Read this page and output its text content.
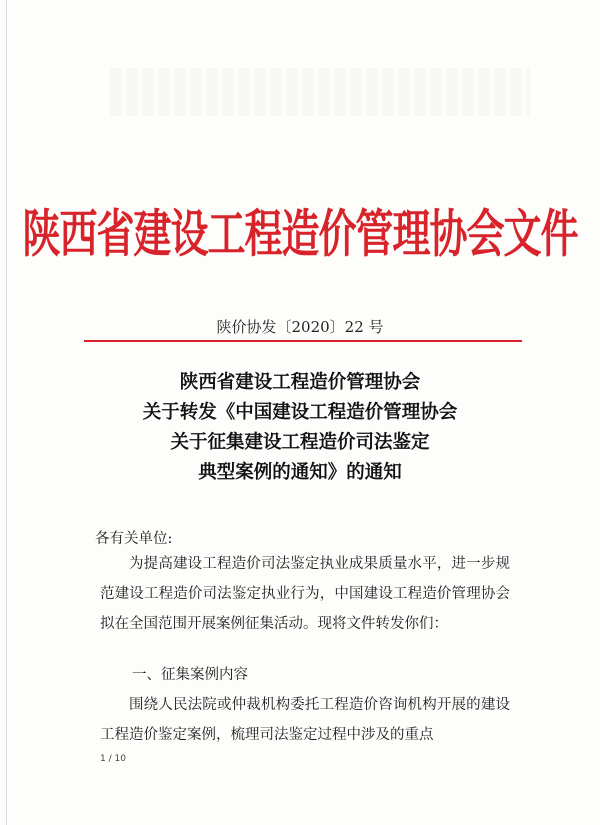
陕西省建设工程造价管理协会文件
陕价协发〔2020〕22 号
陕西省建设工程造价管理协会
关于转发《中国建设工程造价管理协会
关于征集建设工程造价司法鉴定
典型案例的通知》的通知
各有关单位:
为提高建设工程造价司法鉴定执业成果质量水平，进一步规范建设工程造价司法鉴定执业行为，中国建设工程造价管理协会拟在全国范围开展案例征集活动。现将文件转发你们：
一、征集案例内容
围绕人民法院或仲裁机构委托工程造价咨询机构开展的建设工程造价鉴定案例，梳理司法鉴定过程中涉及的重点
1 / 10
